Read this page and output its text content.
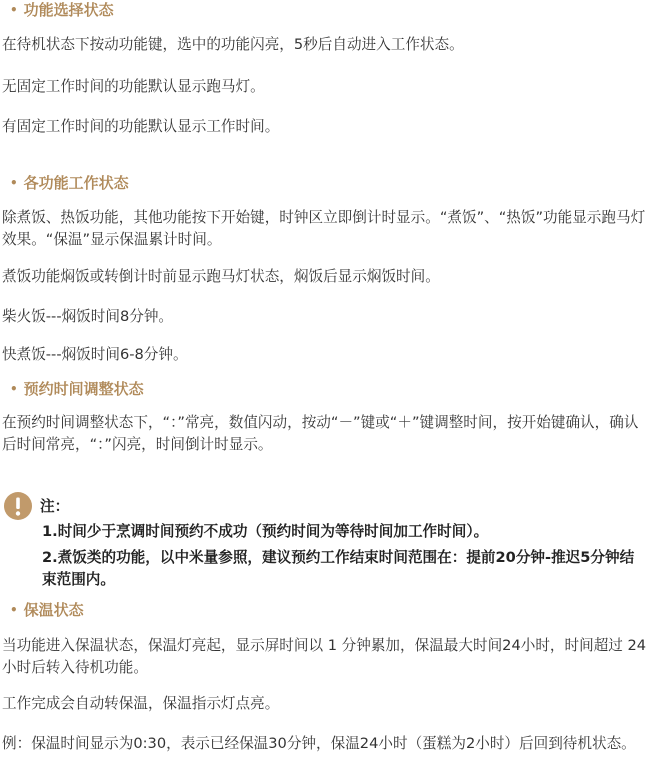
• 功能选择状态

在待机状态下按动功能键，选中的功能闪亮，5秒后自动进入工作状态。

无固定工作时间的功能默认显示跑马灯。

有固定工作时间的功能默认显示工作时间。

• 各功能工作状态

除煮饭、热饭功能，其他功能按下开始键，时钟区立即倒计时显示。“煮饭”、“热饭”功能显示跑马灯效果。“保温”显示保温累计时间。

煮饭功能焖饭或转倒计时前显示跑马灯状态，焖饭后显示焖饭时间。

柴火饭---焖饭时间8分钟。

快煮饭---焖饭时间6-8分钟。

• 预约时间调整状态

在预约时间调整状态下，“：”常亮，数值闪动，按动“－”键或“＋”键调整时间，按开始键确认，确认后时间常亮，“：”闪亮，时间倒计时显示。

注：

1.时间少于烹调时间预约不成功（预约时间为等待时间加工作时间）。

2.煮饭类的功能，以中米量参照，建议预约工作结束时间范围在：提前20分钟-推迟5分钟结束范围内。

• 保温状态

当功能进入保温状态，保温灯亮起，显示屏时间以 1 分钟累加，保温最大时间24小时，时间超过 24 小时后转入待机功能。

工作完成会自动转保温，保温指示灯点亮。

例：保温时间显示为0:30，表示已经保温30分钟，保温24小时（蛋糕为2小时）后回到待机状态。
